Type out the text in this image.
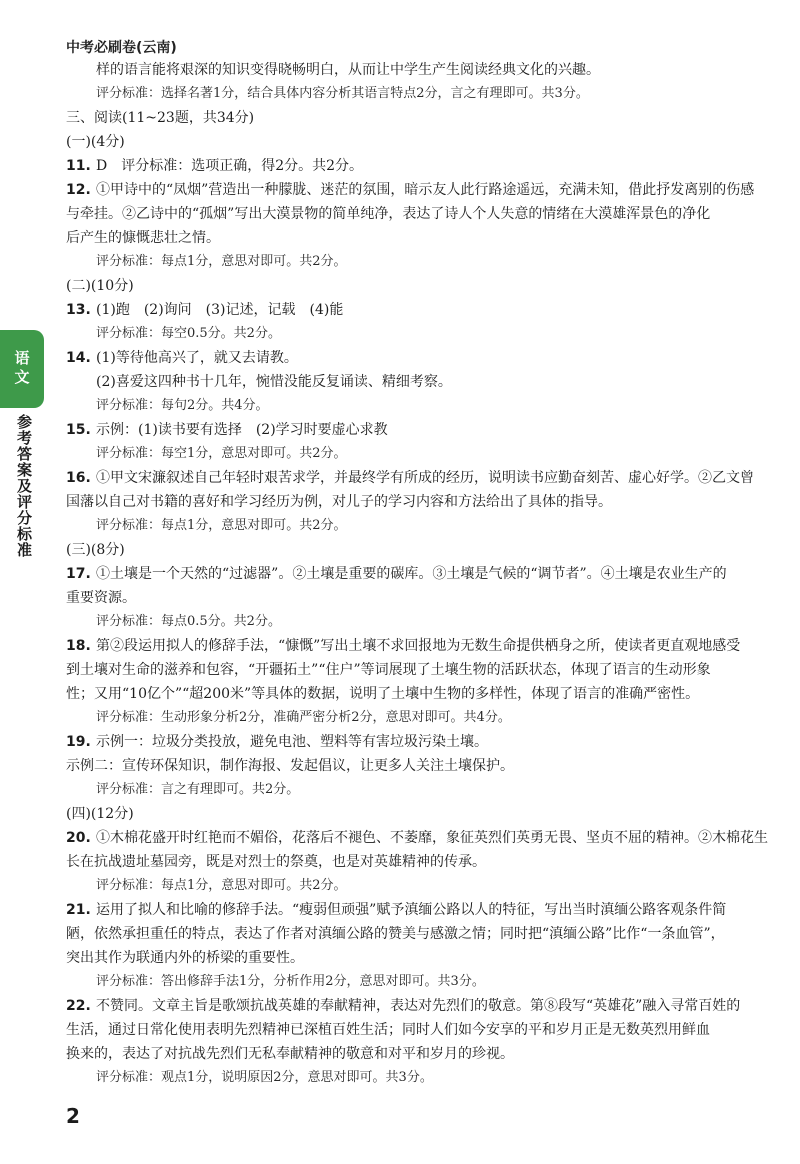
中考必刷卷(云南)
语文
参考答案及评分标准
样的语言能将艰深的知识变得晓畅明白，从而让中学生产生阅读经典文化的兴趣。
评分标准：选择名著1分，结合具体内容分析其语言特点2分，言之有理即可。共3分。
三、阅读(11~23题，共34分)
(一)(4分)
11. D　评分标准：选项正确，得2分。共2分。
12. ①甲诗中的“凤烟”营造出一种朦胧、迷茫的氛围，暗示友人此行路途遥远，充满未知，借此抒发离别的伤感
与牵挂。②乙诗中的“孤烟”写出大漠景物的简单纯净，表达了诗人个人失意的情绪在大漠雄浑景色的净化
后产生的慷慨悲壮之情。
评分标准：每点1分，意思对即可。共2分。
(二)(10分)
13. (1)跑　(2)询问　(3)记述，记载　(4)能
评分标准：每空0.5分。共2分。
14. (1)等待他高兴了，就又去请教。
(2)喜爱这四种书十几年，惋惜没能反复诵读、精细考察。
评分标准：每句2分。共4分。
15. 示例：(1)读书要有选择　(2)学习时要虚心求教
评分标准：每空1分，意思对即可。共2分。
16. ①甲文宋濂叙述自己年轻时艰苦求学，并最终学有所成的经历，说明读书应勤奋刻苦、虚心好学。②乙文曾
国藩以自己对书籍的喜好和学习经历为例，对儿子的学习内容和方法给出了具体的指导。
评分标准：每点1分，意思对即可。共2分。
(三)(8分)
17. ①土壤是一个天然的“过滤器”。②土壤是重要的碳库。③土壤是气候的“调节者”。④土壤是农业生产的
重要资源。
评分标准：每点0.5分。共2分。
18. 第②段运用拟人的修辞手法，“慷慨”写出土壤不求回报地为无数生命提供栖身之所，使读者更直观地感受
到土壤对生命的滋养和包容，“开疆拓土”“住户”等词展现了土壤生物的活跃状态，体现了语言的生动形象
性；又用“10亿个”“超200米”等具体的数据，说明了土壤中生物的多样性，体现了语言的准确严密性。
评分标准：生动形象分析2分，准确严密分析2分，意思对即可。共4分。
19. 示例一：垃圾分类投放，避免电池、塑料等有害垃圾污染土壤。
示例二：宣传环保知识，制作海报、发起倡议，让更多人关注土壤保护。
评分标准：言之有理即可。共2分。
(四)(12分)
20. ①木棉花盛开时红艳而不媚俗，花落后不褪色、不萎靡，象征英烈们英勇无畏、坚贞不屈的精神。②木棉花生
长在抗战遗址墓园旁，既是对烈士的祭奠，也是对英雄精神的传承。
评分标准：每点1分，意思对即可。共2分。
21. 运用了拟人和比喻的修辞手法。“瘦弱但顽强”赋予滇缅公路以人的特征，写出当时滇缅公路客观条件简
陋，依然承担重任的特点，表达了作者对滇缅公路的赞美与感激之情；同时把“滇缅公路”比作“一条血管”，
突出其作为联通内外的桥梁的重要性。
评分标准：答出修辞手法1分，分析作用2分，意思对即可。共3分。
22. 不赞同。文章主旨是歌颂抗战英雄的奉献精神，表达对先烈们的敬意。第⑧段写“英雄花”融入寻常百姓的
生活，通过日常化使用表明先烈精神已深植百姓生活；同时人们如今安享的平和岁月正是无数英烈用鲜血
换来的，表达了对抗战先烈们无私奉献精神的敬意和对平和岁月的珍视。
评分标准：观点1分，说明原因2分，意思对即可。共3分。
2
